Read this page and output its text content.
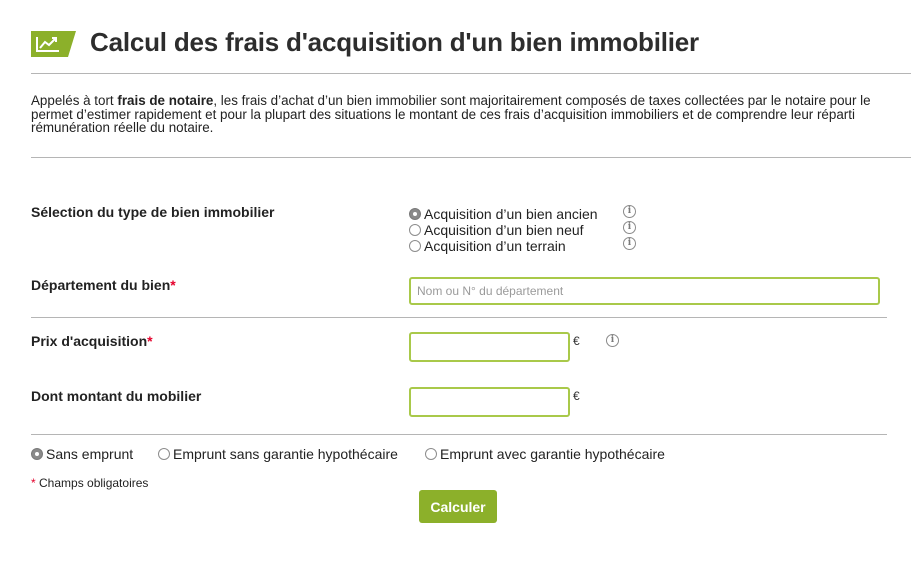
Calcul des frais d'acquisition d'un bien immobilier

Appelés à tort frais de notaire, les frais d’achat d’un bien immobilier sont majoritairement composés de taxes collectées par le notaire pour le

permet d’estimer rapidement et pour la plupart des situations le montant de ces frais d’acquisition immobiliers et de comprendre leur réparti

rémunération réelle du notaire.

Sélection du type de bien immobilier	Acquisition d’un bien ancien
Acquisition d’un bien neuf
Acquisition d’un terrain
i
i
i
Département du bien*
Nom ou N° du département
Prix d'acquisition*	€	i
Dont montant du mobilier	€
Sans emprunt	Emprunt sans garantie hypothécaire	Emprunt avec garantie hypothécaire
* Champs obligatoires
Calculer
